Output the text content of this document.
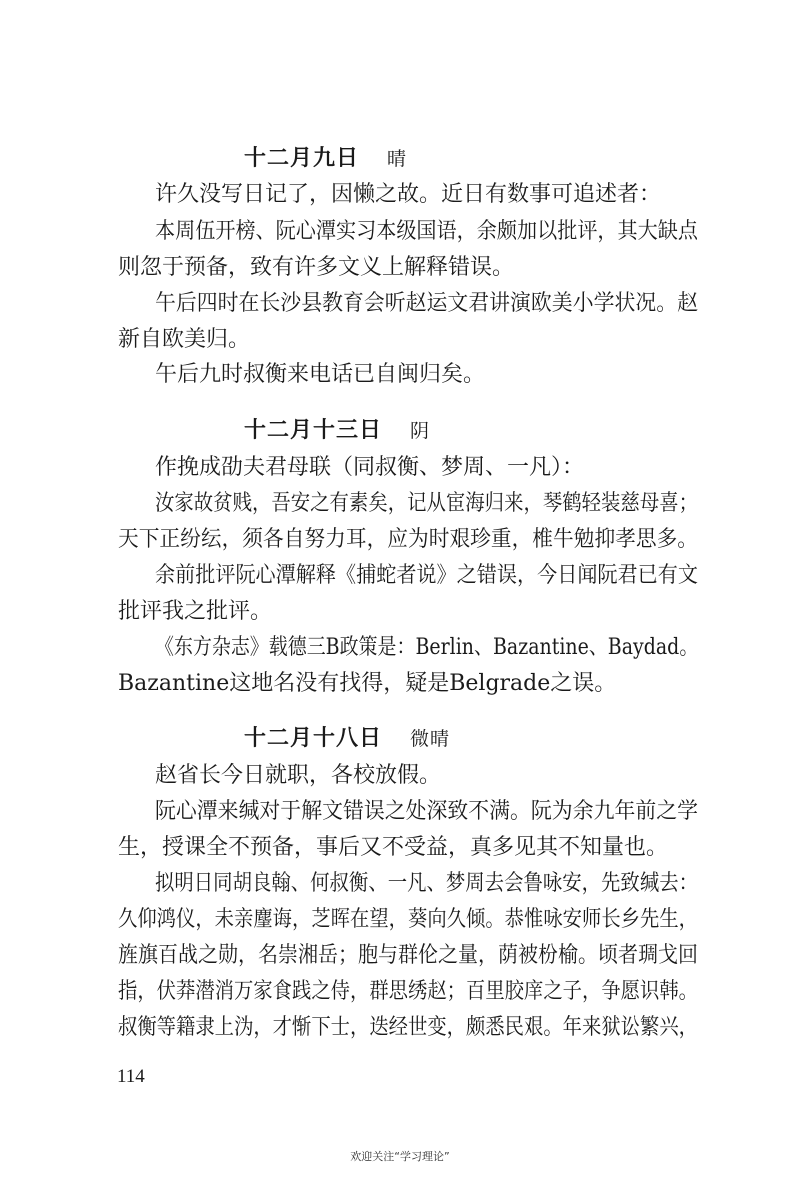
十二月九日 晴
许久没写日记了，因懒之故。近日有数事可追述者：
本周伍开榜、阮心潭实习本级国语，余颇加以批评，其大缺点
则忽于预备，致有许多文义上解释错误。
午后四时在长沙县教育会听赵运文君讲演欧美小学状况。赵
新自欧美归。
午后九时叔衡来电话已自闽归矣。
十二月十三日 阴
作挽成劭夫君母联（同叔衡、梦周、一凡）：
汝家故贫贱，吾安之有素矣，记从宦海归来，琴鹤轻装慈母喜；
天下正纷纭，须各自努力耳，应为时艰珍重，椎牛勉抑孝思多。
余前批评阮心潭解释《捕蛇者说》之错误，今日闻阮君已有文
批评我之批评。
《东方杂志》载德三B政策是：Berlin、Bazantine、Baydad。
Bazantine这地名没有找得，疑是Belgrade之误。
十二月十八日 微晴
赵省长今日就职，各校放假。
阮心潭来缄对于解文错误之处深致不满。阮为余九年前之学
生，授课全不预备，事后又不受益，真多见其不知量也。
拟明日同胡良翰、何叔衡、一凡、梦周去会鲁咏安，先致缄去：
久仰鸿仪，未亲麈诲，芝晖在望，葵向久倾。恭惟咏安师长乡先生，
旌旗百战之勋，名崇湘岳；胞与群伦之量，荫被枌榆。顷者琱戈回
指，伏莽潜消万家食践之侍，群思绣赵；百里胶庠之子，争愿识韩。
叔衡等籍隶上沩，才惭下士，迭经世变，颇悉民艰。年来狱讼繁兴，
114
欢迎关注“学习理论”
